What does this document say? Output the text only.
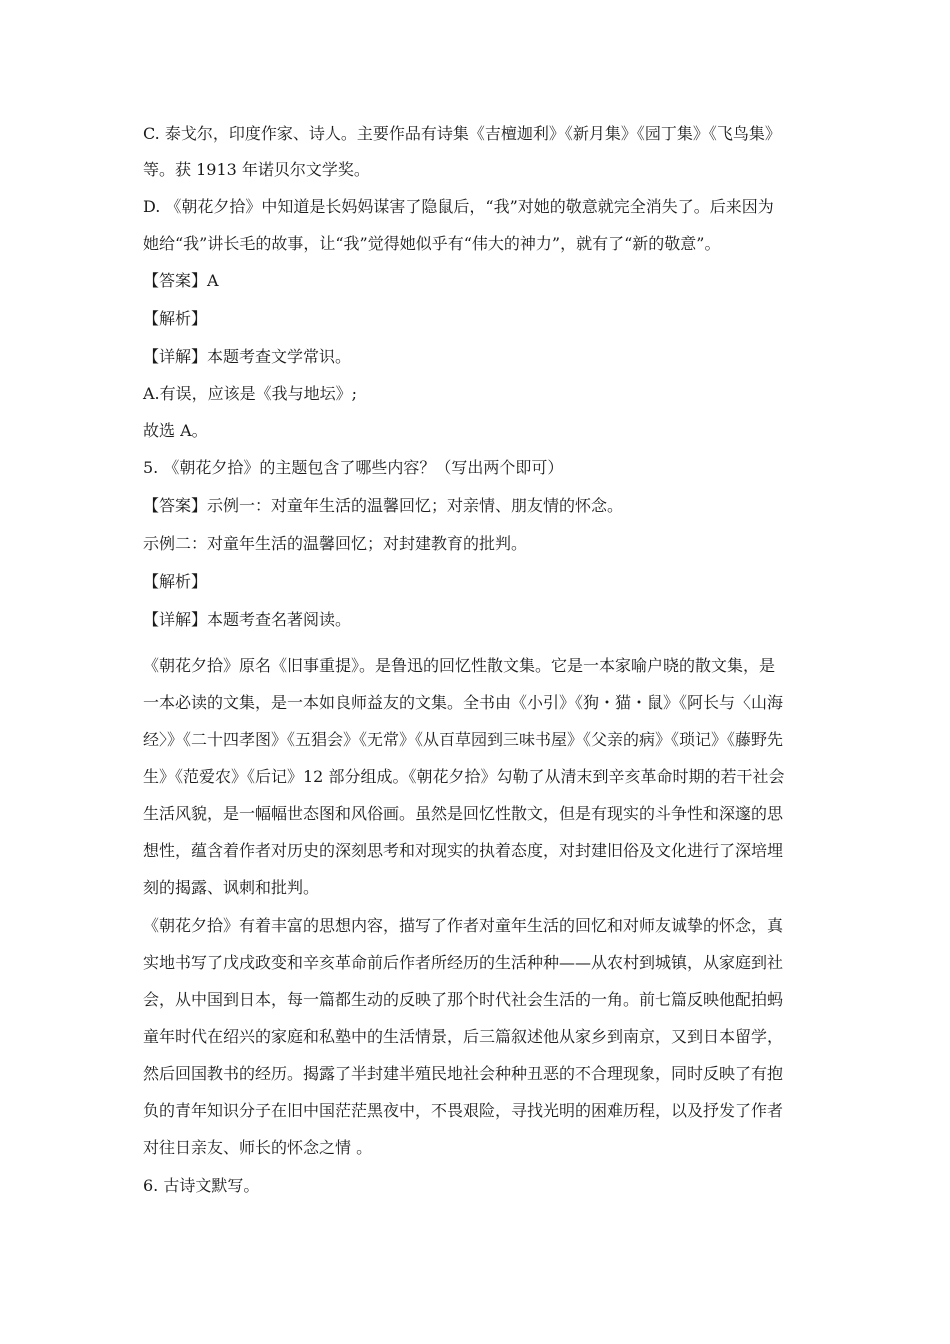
C. 泰戈尔，印度作家、诗人。主要作品有诗集《吉檀迦利》《新月集》《园丁集》《飞鸟集》
等。获 1913 年诺贝尔文学奖。
D. 《朝花夕拾》中知道是长妈妈谋害了隐鼠后，“我”对她的敬意就完全消失了。后来因为
她给“我”讲长毛的故事，让“我”觉得她似乎有“伟大的神力”，就有了“新的敬意”。
【答案】A
【解析】
【详解】本题考查文学常识。
A.有误，应该是《我与地坛》;
故选 A。
5. 《朝花夕拾》的主题包含了哪些内容？（写出两个即可）
【答案】示例一：对童年生活的温馨回忆；对亲情、朋友情的怀念。
示例二：对童年生活的温馨回忆；对封建教育的批判。
【解析】
【详解】本题考查名著阅读。
《朝花夕拾》原名《旧事重提》。是鲁迅的回忆性散文集。它是一本家喻户晓的散文集，是
一本必读的文集，是一本如良师益友的文集。全书由《小引》《狗・猫・鼠》《阿长与〈山海
经〉》《二十四孝图》《五猖会》《无常》《从百草园到三味书屋》《父亲的病》《琐记》《藤野先
生》《范爱农》《后记》12 部分组成。《朝花夕拾》勾勒了从清末到辛亥革命时期的若干社会
生活风貌，是一幅幅世态图和风俗画。虽然是回忆性散文，但是有现实的斗争性和深邃的思
想性，蕴含着作者对历史的深刻思考和对现实的执着态度，对封建旧俗及文化进行了深培埋
刻的揭露、讽刺和批判。
《朝花夕拾》有着丰富的思想内容，描写了作者对童年生活的回忆和对师友诚挚的怀念，真
实地书写了戊戌政变和辛亥革命前后作者所经历的生活种种——从农村到城镇，从家庭到社
会，从中国到日本，每一篇都生动的反映了那个时代社会生活的一角。前七篇反映他配拍蚂
童年时代在绍兴的家庭和私塾中的生活情景，后三篇叙述他从家乡到南京，又到日本留学，
然后回国教书的经历。揭露了半封建半殖民地社会种种丑恶的不合理现象，同时反映了有抱
负的青年知识分子在旧中国茫茫黑夜中，不畏艰险，寻找光明的困难历程，以及抒发了作者
对往日亲友、师长的怀念之情 。
6. 古诗文默写。
